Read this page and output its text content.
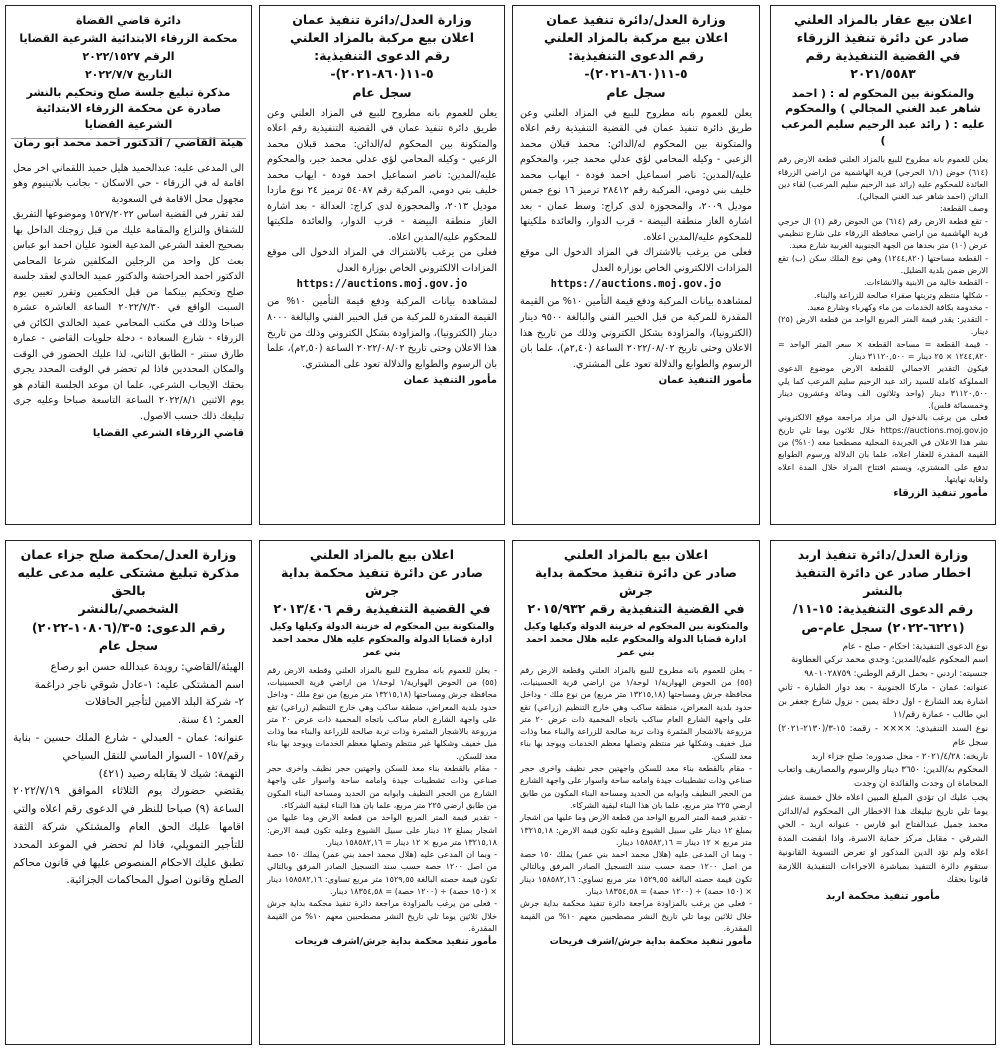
اعلان بيع عقار بالمزاد العلني

صادر عن دائرة تنفيذ الزرقاء

في القضية التنفيذية رقم ٢٠٢١/٥٥٨٣

والمتكونة بين المحكوم له : ( احمد شاهر عبد الغني المجالي ) والمحكوم عليه : ( رائد عبد الرحيم سليم المرعب )

يعلن للعموم بانه مطروح للبيع بالمزاد العلني قطعة الارض رقم (٦١٤) حوض (١/١ الحرجي) قرية الهاشمية من اراضي الزرقاء العائدة للمحكوم عليه (رائد عبد الرحيم سليم المرعب) لقاء دين الدائن (احمد شاهر عبد الغني المجالي).
وصف القطعة:
- تقع قطعة الارض رقم (٦١٤) من الحوض رقم (١) ال حرجي قرية الهاشمية من اراضي محافظة الزرقاء على شارع تنظيمي عرض (١٠) متر بحدها من الجهة الجنوبية الغربية شارع معبد.
- القطعة مساحتها (١٢٤٤,٨٢٠) وهي نوع الملك سكن (ب) تقع الارض ضمن بلدية الضليل.
- القطعة خالية من الابنية والانشاءات.
- شكلها منتظم وتربتها صفراء صالحة للزراعة والبناء.
- مخدومة بكافة الخدمات من ماء وكهرباء وشارع معبد.
- التقدير: يقدر قيمة المتر المربع الواحد من قطعة الارض (٢٥) دينار.
- قيمة القطعة = مساحة القطعة × سعر المتر الواحد = ١٢٤٤,٨٢٠ × ٢٥ دينار = ٣١١٢٠,٥٠٠ دينار.
فيكون التقدير الاجمالي للقطعة الارض موضوع الدعوى المملوكة كاملة للسيد رائد عبد الرحيم سليم المرعب كما يلي ٣١١٢٠,٥٠٠ دينار (واحد وثلاثون الف ومائة وعشرون دينار وخمسمائة فلس).
فعلى من يرغب بالدخول الى مزاد مراجعة موقع الالكتروني https://auctions.moj.gov.jo خلال ثلاثون يوما تلي تاريخ نشر هذا الاعلان في الجريدة المحلية مصطحبا معه (١٠%) من القيمة المقدرة للعقار اعلاه، علما بان الدلالة ورسوم الطوابع تدفع على المشتري، ويستم افتتاح المزاد خلال المدة اعلاه ولغاية نهايتها.

مأمور تنفيذ الزرقاء

وزارة العدل/دائرة تنفيذ عمان

اعلان بيع مركبة بالمزاد العلني

رقم الدعوى التنفيذية: ٥-١١(٨٦٠-٢٠٢١)-

سجل عام

يعلن للعموم بانه مطروح للبيع في المزاد العلني وعن طريق دائرة تنفيذ عمان في القضية التنفيذية رقم اعلاه والمتكونة بين المحكوم له/الدائن: محمد قبلان محمد الزعبي - وكيله المحامي لؤي عدلي محمد جبر، والمحكوم عليه/المدين: ناصر اسماعيل احمد فودة - ايهاب محمد خليف بني دومي، المركبة رقم ٢٨٤١٢ ترميز ١٦ نوع جمس موديل ٢٠٠٩، والمحجوزة لدى كراج: وسط عمان - بعد اشارة الغاز منطقة البيضة - قرب الدوار، والعائدة ملكيتها للمحكوم عليه/المدين اعلاه.
فعلى من يرغب بالاشتراك في المزاد الدخول الى موقع المزادات الالكتروني الخاص بوزارة العدل

https://auctions.moj.gov.jo

لمشاهدة بيانات المركبة ودفع قيمة التأمين ١٠% من القيمة المقدرة للمركبة من قبل الخبير الفني والبالغة ٩٥٠٠ دينار (الكترونيا)، والمزاودة بشكل الكتروني وذلك من تاريخ هذا الاعلان وحتى تاريخ ٢٠٢٢/٠٨/٠٢ الساعة (٢,٤٠م)، علما بان الرسوم والطوابع والدلالة تعود على المشتري.

مأمور التنفيذ عمان

وزارة العدل/دائرة تنفيذ عمان

اعلان بيع مركبة بالمزاد العلني

رقم الدعوى التنفيذية: ٥-١١(٨٦٠-٢٠٢١)-

سجل عام

يعلن للعموم بانه مطروح للبيع في المزاد العلني وعن طريق دائرة تنفيذ عمان في القضية التنفيذية رقم اعلاه والمتكونة بين المحكوم له/الدائن: محمد قبلان محمد الزعبي - وكيله المحامي لؤي عدلي محمد جبر، والمحكوم عليه/المدين: ناصر اسماعيل احمد فودة - ايهاب محمد خليف بني دومي، المركبة رقم ٥٤٠٨٧ ترميز ٢٤ نوع مازدا موديل ٢٠١٣، والمحجوزة لدى كراج: العدالة - بعد اشارة الغاز منطقة البيضة - قرب الدوار، والعائدة ملكيتها للمحكوم عليه/المدين اعلاه.
فعلى من يرغب بالاشتراك في المزاد الدخول الى موقع المزادات الالكتروني الخاص بوزارة العدل

https://auctions.moj.gov.jo

لمشاهدة بيانات المركبة ودفع قيمة التأمين ١٠% من القيمة المقدرة للمركبة من قبل الخبير الفني والبالغة ٨٠٠٠ دينار (الكترونيا)، والمزاودة بشكل الكتروني وذلك من تاريخ هذا الاعلان وحتى تاريخ ٢٠٢٢/٠٨/٠٢ الساعة (٢,٥٠م)، علما بان الرسوم والطوابع والدلالة تعود على المشتري.

مأمور التنفيذ عمان

دائرة قاضي القضاة

محكمة الزرقاء الابتدائية الشرعية القضايا

الرقم ٢٠٢٢/١٥٢٧

التاريخ ٢٠٢٢/٧/٧

مذكرة تبليغ جلسة صلح وتحكيم بالنشر صادرة عن محكمة الزرقاء الابتدائية الشرعية القضايا

هيئة القاضي / الدكتور احمد محمد ابو رمان

الى المدعى عليه: عبدالحميد هليل حميد اللقماني اخر محل اقامة له في الزرقاء - حي الاسكان - بجانب بلاتينيوم وهو مجهول محل الاقامة في السعودية
لقد تقرر في القضية اساس ١٥٢٧/٢٠٢٢ وموضوعها التفريق للشقاق والنزاع والمقامة عليك من قبل زوجتك الداخل بها بصحيح العقد الشرعي المدعية العنود عليان احمد ابو عباس بعث كل واحد من الرجلين المكلفين شرعا المحامي الدكتور احمد الحراحشة والدكتور عميد الخالدي لعقد جلسة صلح وتحكيم بينكما من قبل الحكمين وتقرر تعيين يوم السبت الواقع في ٢٠٢٢/٧/٣٠ الساعة العاشرة عشرة صباحا وذلك في مكتب المحامي عميد الخالدي الكائن في الزرقاء - شارع السعادة - دخلة حلويات القاضي - عمارة طارق سنتر - الطابق الثاني، لذا عليك الحضور في الوقت والمكان المحددين فاذا لم تحضر في الوقت المحدد يجري بحقك الايجاب الشرعي، علما ان موعد الجلسة القادم هو يوم الاثنين ٢٠٢٢/٨/١ الساعة التاسعة صباحا وعليه جرى تبليغك ذلك حسب الاصول.

قاضي الزرقاء الشرعي القضايا

وزارة العدل/دائرة تنفيذ اربد

اخطار صادر عن دائرة التنفيذ بالنشر

رقم الدعوى التنفيذية: ١٥-١١/

(٦٢٢١-٢٠٢٢) سجل عام-ص

نوع الدعوى التنفيذية: احكام - صلح - عام
اسم المحكوم عليه/المدين: وجدي محمد تركي العطاونة
جنسيته: اردني - بحمل الرقم الوطني: ٩٨٠١٠٢٨٧٥٩
عنوانه: عمان - ماركا الجنوبية - بعد دوار الطيارة - ثاني اشارة بعد الشارع - اول دخلة يمين - نزول شارع جعفر بن ابي طالب - عمارة رقم/١١
نوع السند التنفيذي: ×××× - رقمه: ١٥-٣/(٢١٣٠-٢٠٢١) سجل عام
تاريخه: ٢٠٢١/٤/٢٨ - محل صدوره: صلح جزاء اربد
المحكوم به/الدين: ٣٦٥٠ دينار والرسوم والمصاريف واتعاب المحاماة ان وجدت والفائدة ان وجدت
يجب عليك ان تؤدي المبلغ المبين اعلاه خلال خمسة عشر يوما تلي تاريخ تبليغك هذا الاخطار الى المحكوم له/الدائن محمد جميل عبدالفتاح ابو فارس - عنوانه اربد - الحي الشرقي - مقابل مركز حماية الاسرة، واذا انقضت المدة اعلاه ولم تؤد الدين المذكور او تعرض التسوية القانونية ستقوم دائرة التنفيذ بمباشرة الاجراءات التنفيذية اللازمة قانونا بحقك

مأمور تنفيذ محكمة اربد

اعلان بيع بالمزاد العلني

صادر عن دائرة تنفيذ محكمة بداية جرش

في القضية التنفيذية رقم ٢٠١٥/٩٣٢

والمتكونة بين المحكوم له خزينة الدولة وكيلها وكيل ادارة قضايا الدولة والمحكوم عليه هلال محمد احمد بني عمر

- يعلن للعموم بانه مطروح للبيع بالمزاد العلني وقطعة الارض رقم (٥٥) من الحوض الهوارية/١ لوحة/١ من اراضي قرية الحسينيات، محافظة جرش ومساحتها (١٣٢١٥,١٨ متر مربع) من نوع ملك - وداخل حدود بلدية المعراض، منطقة ساكب وهي خارج التنظيم (زراعي) تقع على واجهة الشارع العام ساكب باتجاه المحمية ذات عرض ٢٠ متر مزروعة بالاشجار المثمرة وذات تربة صالحة للزراعة والبناء معا وذات ميل خفيف وشكلها غير منتظم وتصلها معظم الخدمات ويوجد بها بناء معد للسكن.
- مقام بالقطعة بناء معد للسكن واجهتين حجر نظيف واخرى حجر صناعي وذات تشطيبات جيدة وامامه ساحة واسوار على واجهة الشارع من الحجر النظيف وابوابه من الحديد ومساحة البناء المكون من طابق ارضي ٢٢٥ متر مربع، علما بان هذا البناء لبقية الشركاء.
- تقدير قيمة المتر المربع الواحد من قطعة الارض وما عليها من اشجار بمبلغ ١٢ دينار على سبيل الشيوع وعليه تكون قيمة الارض: ١٣٢١٥,١٨ متر مربع × ١٢ دينار = ١٥٨٥٨٢,١٦ دينار.
- وبما ان المدعى عليه (هلال محمد احمد بني عمر) يملك ١٥٠ حصة من اصل ١٢٠٠ حصة حسب سند التسجيل الصادر المرفق وبالتالي تكون قيمة حصته البالغة ١٥٢٩,٥٥ متر مربع تساوي: ١٥٨٥٨٢,١٦ دينار × (١٥٠ حصة) ÷ (١٢٠٠ حصة) = ١٨٣٥٤,٥٨ دينار.
- فعلى من يرغب بالمزاودة مراجعة دائرة تنفيذ محكمة بداية جرش خلال ثلاثين يوما تلي تاريخ النشر مصطحبين معهم ١٠% من القيمة المقدرة.

مأمور تنفيذ محكمة بداية جرش/اشرف فريحات

اعلان بيع بالمزاد العلني

صادر عن دائرة تنفيذ محكمة بداية جرش

في القضية التنفيذية رقم ٢٠١٣/٤٠٦

والمتكونة بين المحكوم له خزينة الدولة وكيلها وكيل ادارة قضايا الدولة والمحكوم عليه هلال محمد احمد بني عمر

- يعلن للعموم بانه مطروح للبيع بالمزاد العلني وقطعة الارض رقم (٥٥) من الحوض الهوارية/١ لوحة/١ من اراضي قرية الحسينيات، محافظة جرش ومساحتها (١٣٢١٥,١٨ متر مربع) من نوع ملك - وداخل حدود بلدية المعراض، منطقة ساكب وهي خارج التنظيم (زراعي) تقع على واجهة الشارع العام ساكب باتجاه المحمية ذات عرض ٢٠ متر مزروعة بالاشجار المثمرة وذات تربة صالحة للزراعة والبناء معا وذات ميل خفيف وشكلها غير منتظم وتصلها معظم الخدمات ويوجد بها بناء معد للسكن.
- مقام بالقطعة بناء معد للسكن واجهتين حجر نظيف واخرى حجر صناعي وذات تشطيبات جيدة وامامه ساحة واسوار على واجهة الشارع من الحجر النظيف وابوابه من الحديد ومساحة البناء المكون من طابق ارضي ٢٢٥ متر مربع، علما بان هذا البناء لبقية الشركاء.
- تقدير قيمة المتر المربع الواحد من قطعة الارض وما عليها من اشجار بمبلغ ١٢ دينار على سبيل الشيوع وعليه تكون قيمة الارض: ١٣٢١٥,١٨ متر مربع × ١٢ دينار = ١٥٨٥٨٢,١٦ دينار.
- وبما ان المدعى عليه (هلال محمد احمد بني عمر) يملك ١٥٠ حصة من اصل ١٢٠٠ حصة حسب سند التسجيل الصادر المرفق وبالتالي تكون قيمة حصته البالغة ١٥٢٩,٥٥ متر مربع تساوي: ١٥٨٥٨٢,١٦ دينار × (١٥٠ حصة) ÷ (١٢٠٠ حصة) = ١٨٣٥٤,٥٨ دينار.
- فعلى من يرغب بالمزاودة مراجعة دائرة تنفيذ محكمة بداية جرش خلال ثلاثين يوما تلي تاريخ النشر مصطحبين معهم ١٠% من القيمة المقدرة.

مأمور تنفيذ محكمة بداية جرش/اشرف فريحات

وزارة العدل/محكمة صلح جزاء عمان

مذكرة تبليغ مشتكى عليه مدعى عليه بالحق

الشخصي/بالنشر

رقم الدعوى: ٥-٣/(١٠٨٠٦-٢٠٢٢)

سجل عام

الهيئة/القاضي: رويدة عبدالله حسن ابو رصاع
اسم المشتكى عليه: ١-عادل شوقي ناجر دراغمة
٢- شركة البلد الامين لتأجير الحافلات
العمر: ٤١ سنة.
عنوانه: عمان - العبدلي - شارع الملك حسين - بناية رقم/١٥٧ - السوار الماسي للنقل السياحي
التهمة: شيك لا يقابله رصيد (٤٢١)
يقتضي حضورك يوم الثلاثاء الموافق ٢٠٢٢/٧/١٩ الساعة (٩) صباحا للنظر في الدعوى رقم اعلاه والتي اقامها عليك الحق العام والمشتكي شركة الثقة للتأجير التمويلي، فاذا لم تحضر في الموعد المحدد تطبق عليك الاحكام المنصوص عليها في قانون محاكم الصلح وقانون اصول المحاكمات الجزائية.
